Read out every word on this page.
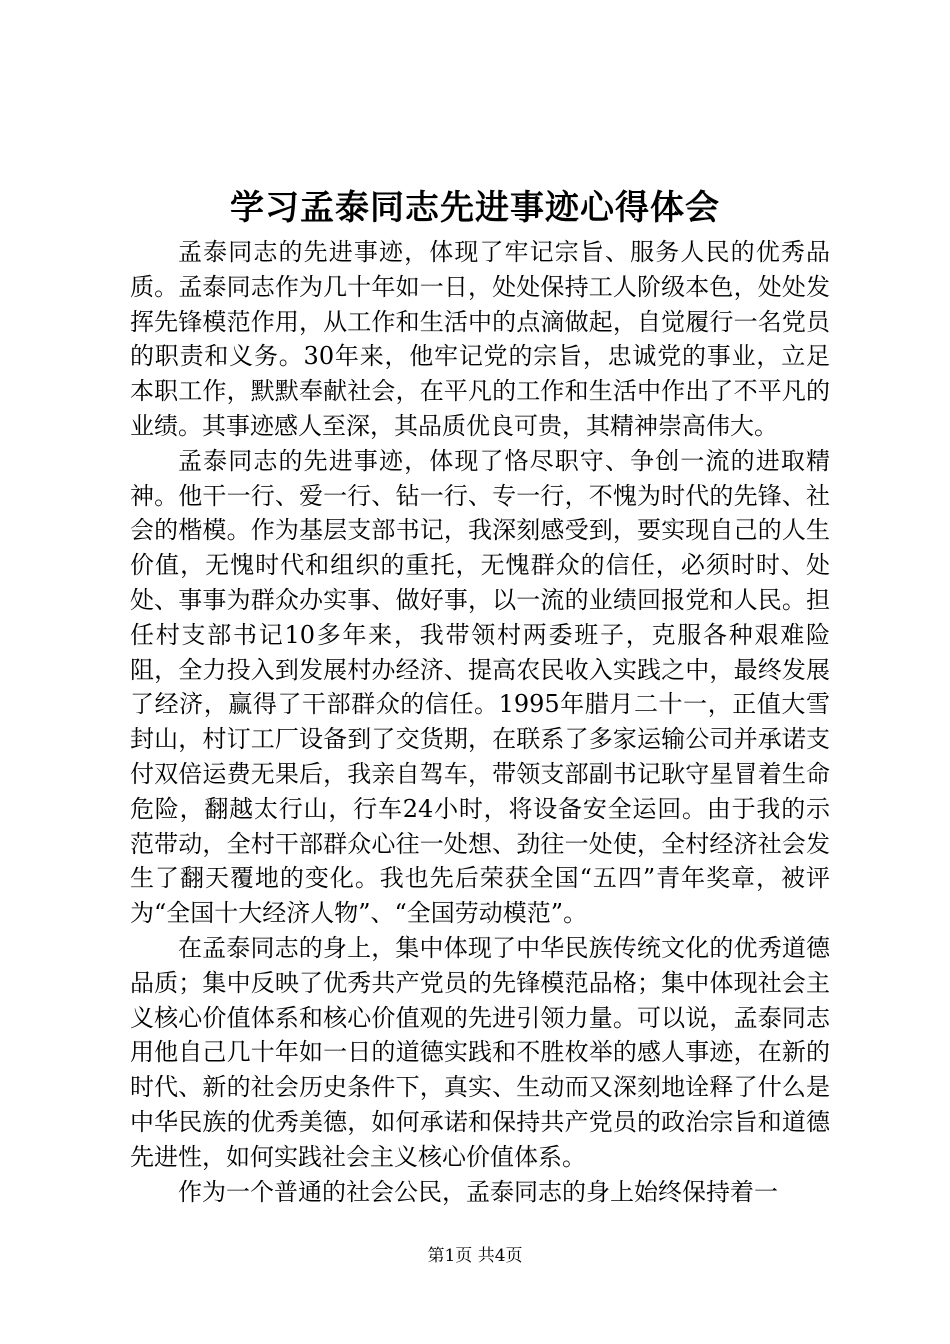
学习孟泰同志先进事迹心得体会

孟泰同志的先进事迹，体现了牢记宗旨、服务人民的优秀品质。孟泰同志作为几十年如一日，处处保持工人阶级本色，处处发挥先锋模范作用，从工作和生活中的点滴做起，自觉履行一名党员的职责和义务。30年来，他牢记党的宗旨，忠诚党的事业，立足本职工作，默默奉献社会，在平凡的工作和生活中作出了不平凡的业绩。其事迹感人至深，其品质优良可贵，其精神崇高伟大。

孟泰同志的先进事迹，体现了恪尽职守、争创一流的进取精神。他干一行、爱一行、钻一行、专一行，不愧为时代的先锋、社会的楷模。作为基层支部书记，我深刻感受到，要实现自己的人生价值，无愧时代和组织的重托，无愧群众的信任，必须时时、处处、事事为群众办实事、做好事，以一流的业绩回报党和人民。担任村支部书记10多年来，我带领村两委班子，克服各种艰难险阻，全力投入到发展村办经济、提高农民收入实践之中，最终发展了经济，赢得了干部群众的信任。1995年腊月二十一，正值大雪封山，村订工厂设备到了交货期，在联系了多家运输公司并承诺支付双倍运费无果后，我亲自驾车，带领支部副书记耿守星冒着生命危险，翻越太行山，行车24小时，将设备安全运回。由于我的示范带动，全村干部群众心往一处想、劲往一处使，全村经济社会发生了翻天覆地的变化。我也先后荣获全国“五四”青年奖章，被评为“全国十大经济人物”、“全国劳动模范”。

在孟泰同志的身上，集中体现了中华民族传统文化的优秀道德品质；集中反映了优秀共产党员的先锋模范品格；集中体现社会主义核心价值体系和核心价值观的先进引领力量。可以说，孟泰同志用他自己几十年如一日的道德实践和不胜枚举的感人事迹，在新的时代、新的社会历史条件下，真实、生动而又深刻地诠释了什么是中华民族的优秀美德，如何承诺和保持共产党员的政治宗旨和道德先进性，如何实践社会主义核心价值体系。

作为一个普通的社会公民，孟泰同志的身上始终保持着一

第1页 共4页
